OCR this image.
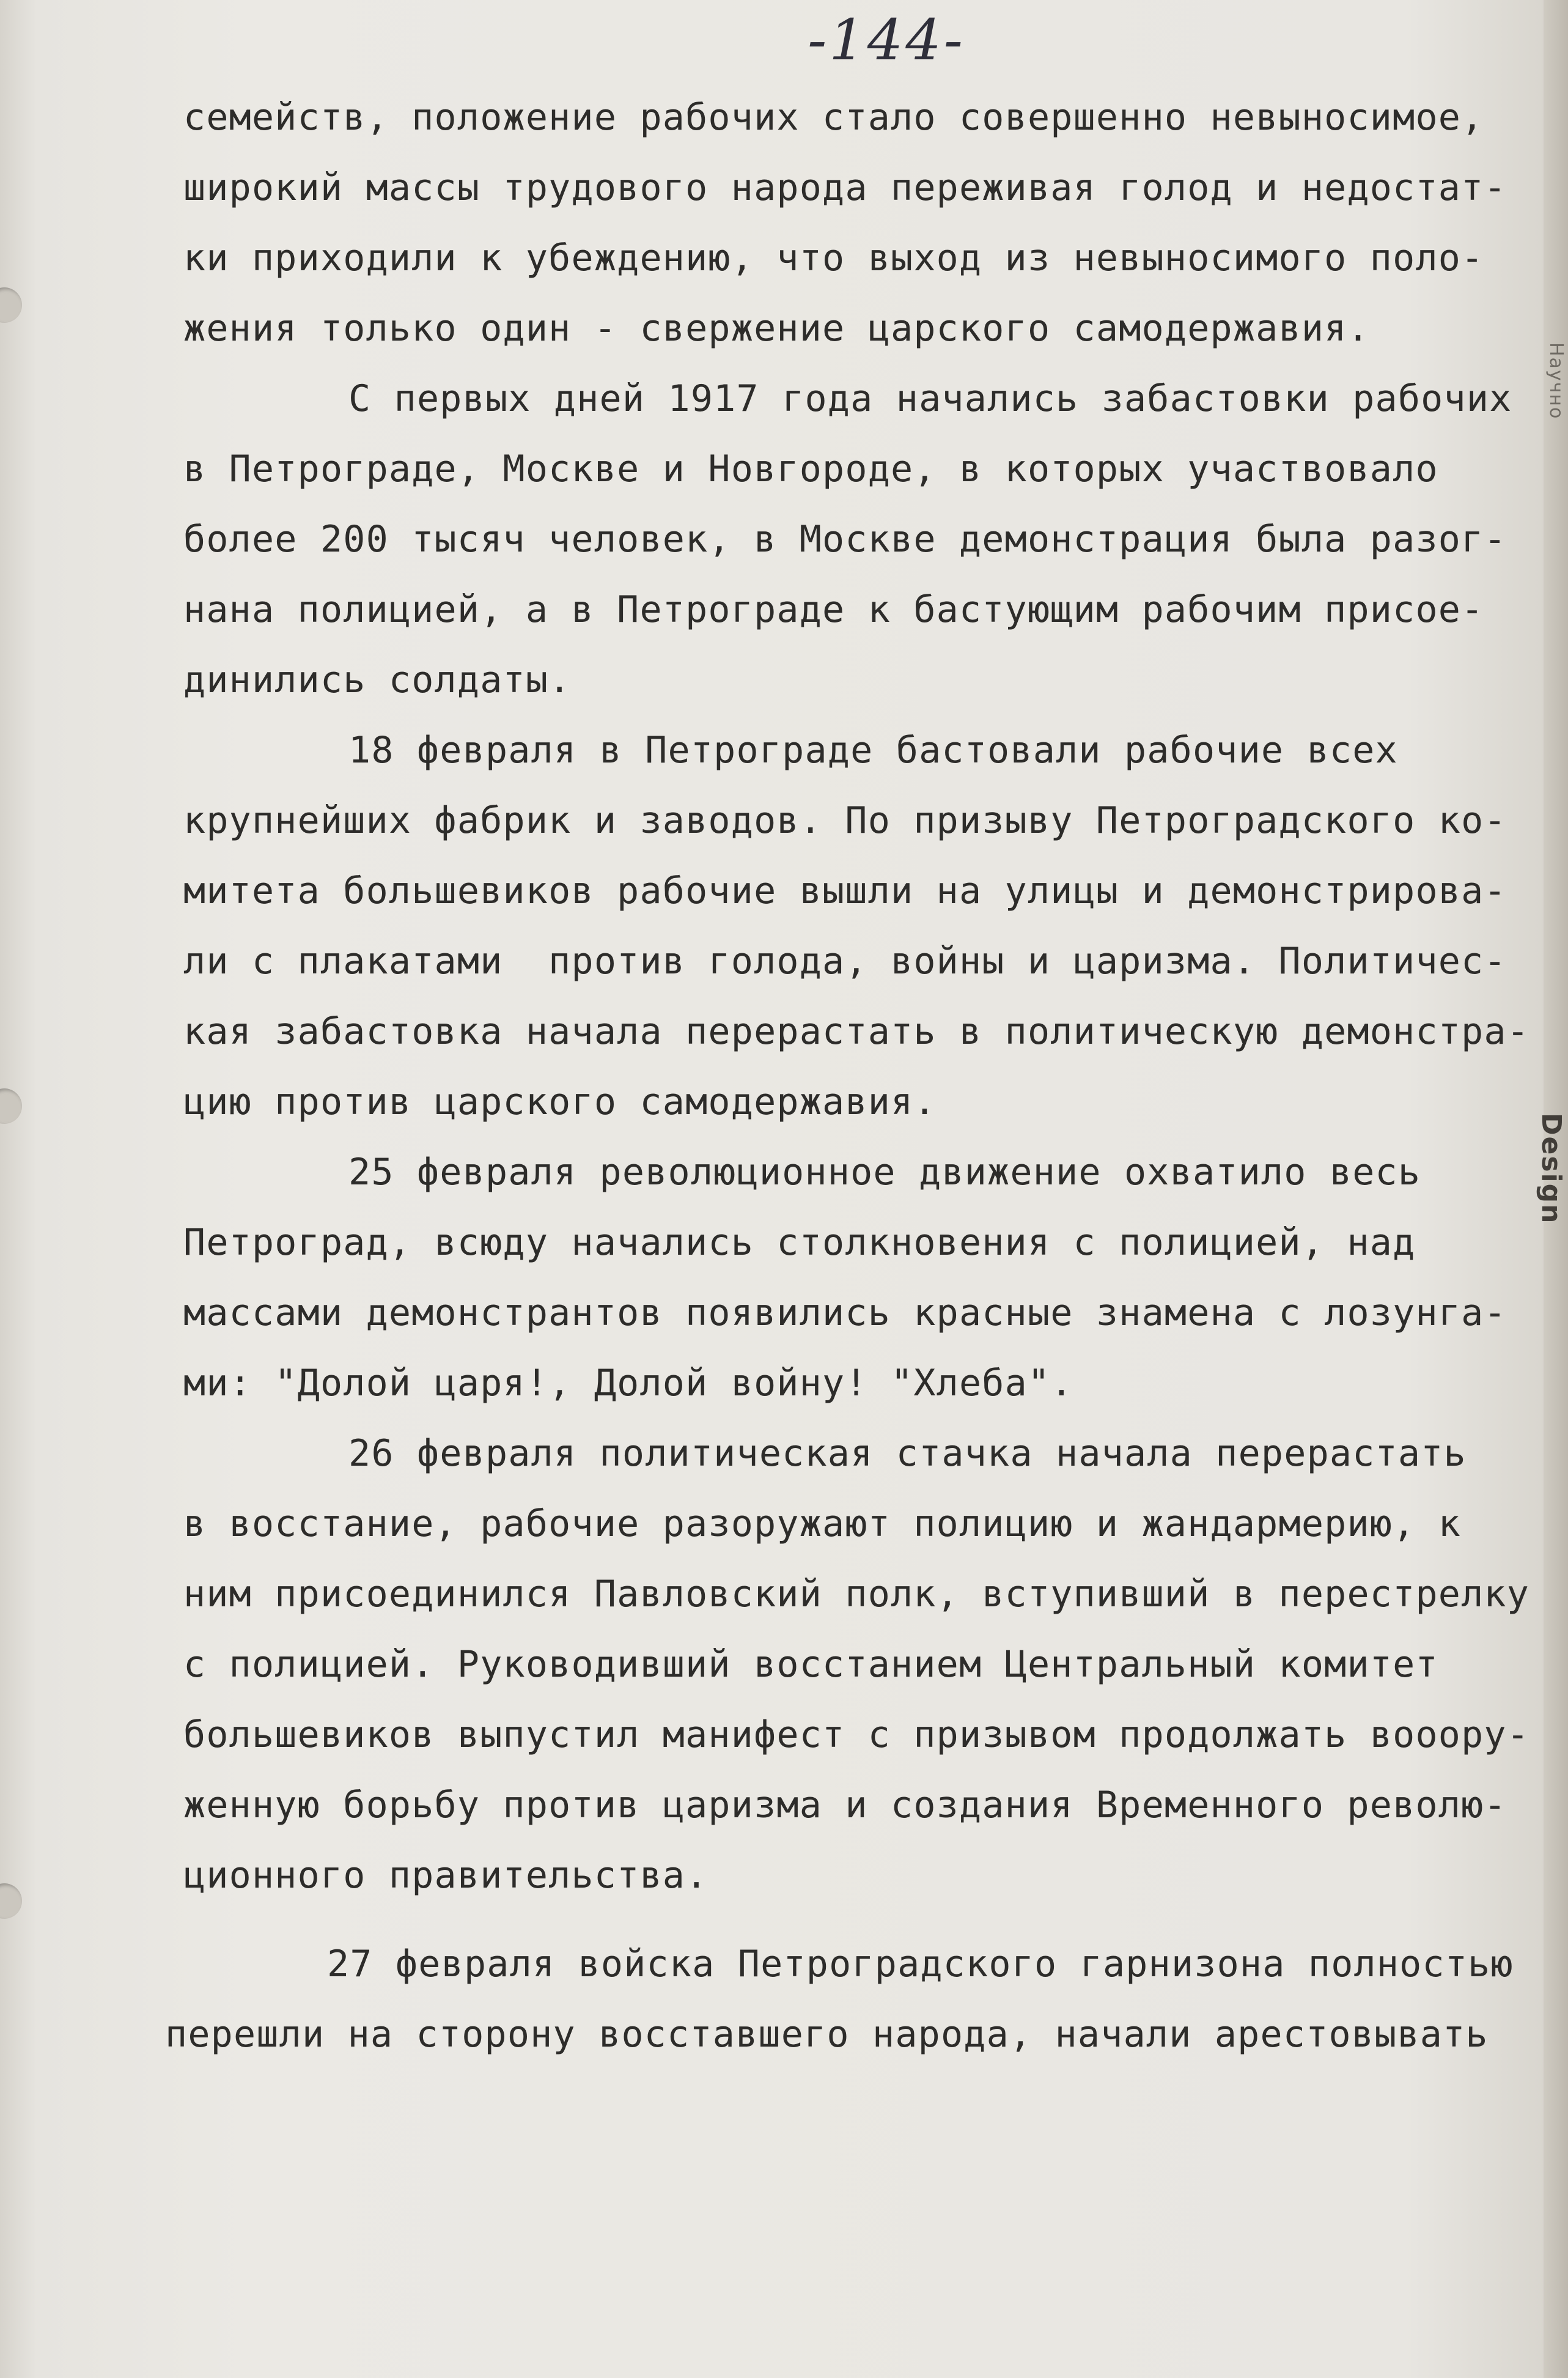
Научно
Design
-144-
семейств, положение рабочих стало совершенно невыносимое,
широкий массы трудового народа переживая голод и недостат-
ки приходили к убеждению, что выход из невыносимого поло-
жения только один - свержение царского самодержавия.
С первых дней 1917 года начались забастовки рабочих
в Петрограде, Москве и Новгороде, в которых участвовало
более 200 тысяч человек, в Москве демонстрация была разог-
нана полицией, а в Петрограде к бастующим рабочим присое-
динились солдаты.
18 февраля в Петрограде бастовали рабочие всех
крупнейших фабрик и заводов. По призыву Петроградского ко-
митета большевиков рабочие вышли на улицы и демонстрирова-
ли с плакатами  против голода, войны и царизма. Политичес-
кая забастовка начала перерастать в политическую демонстра-
цию против царского самодержавия.
25 февраля революционное движение охватило весь
Петроград, всюду начались столкновения с полицией, над
массами демонстрантов появились красные знамена с лозунга-
ми: "Долой царя!, Долой войну! "Хлеба".
26 февраля политическая стачка начала перерастать
в восстание, рабочие разоружают полицию и жандармерию, к
ним присоединился Павловский полк, вступивший в перестрелку
с полицией. Руководивший восстанием Центральный комитет
большевиков выпустил манифест с призывом продолжать вооору-
женную борьбу против царизма и создания Временного револю-
ционного правительства.
27 февраля войска Петроградского гарнизона полностью
перешли на сторону восставшего народа, начали арестовывать
